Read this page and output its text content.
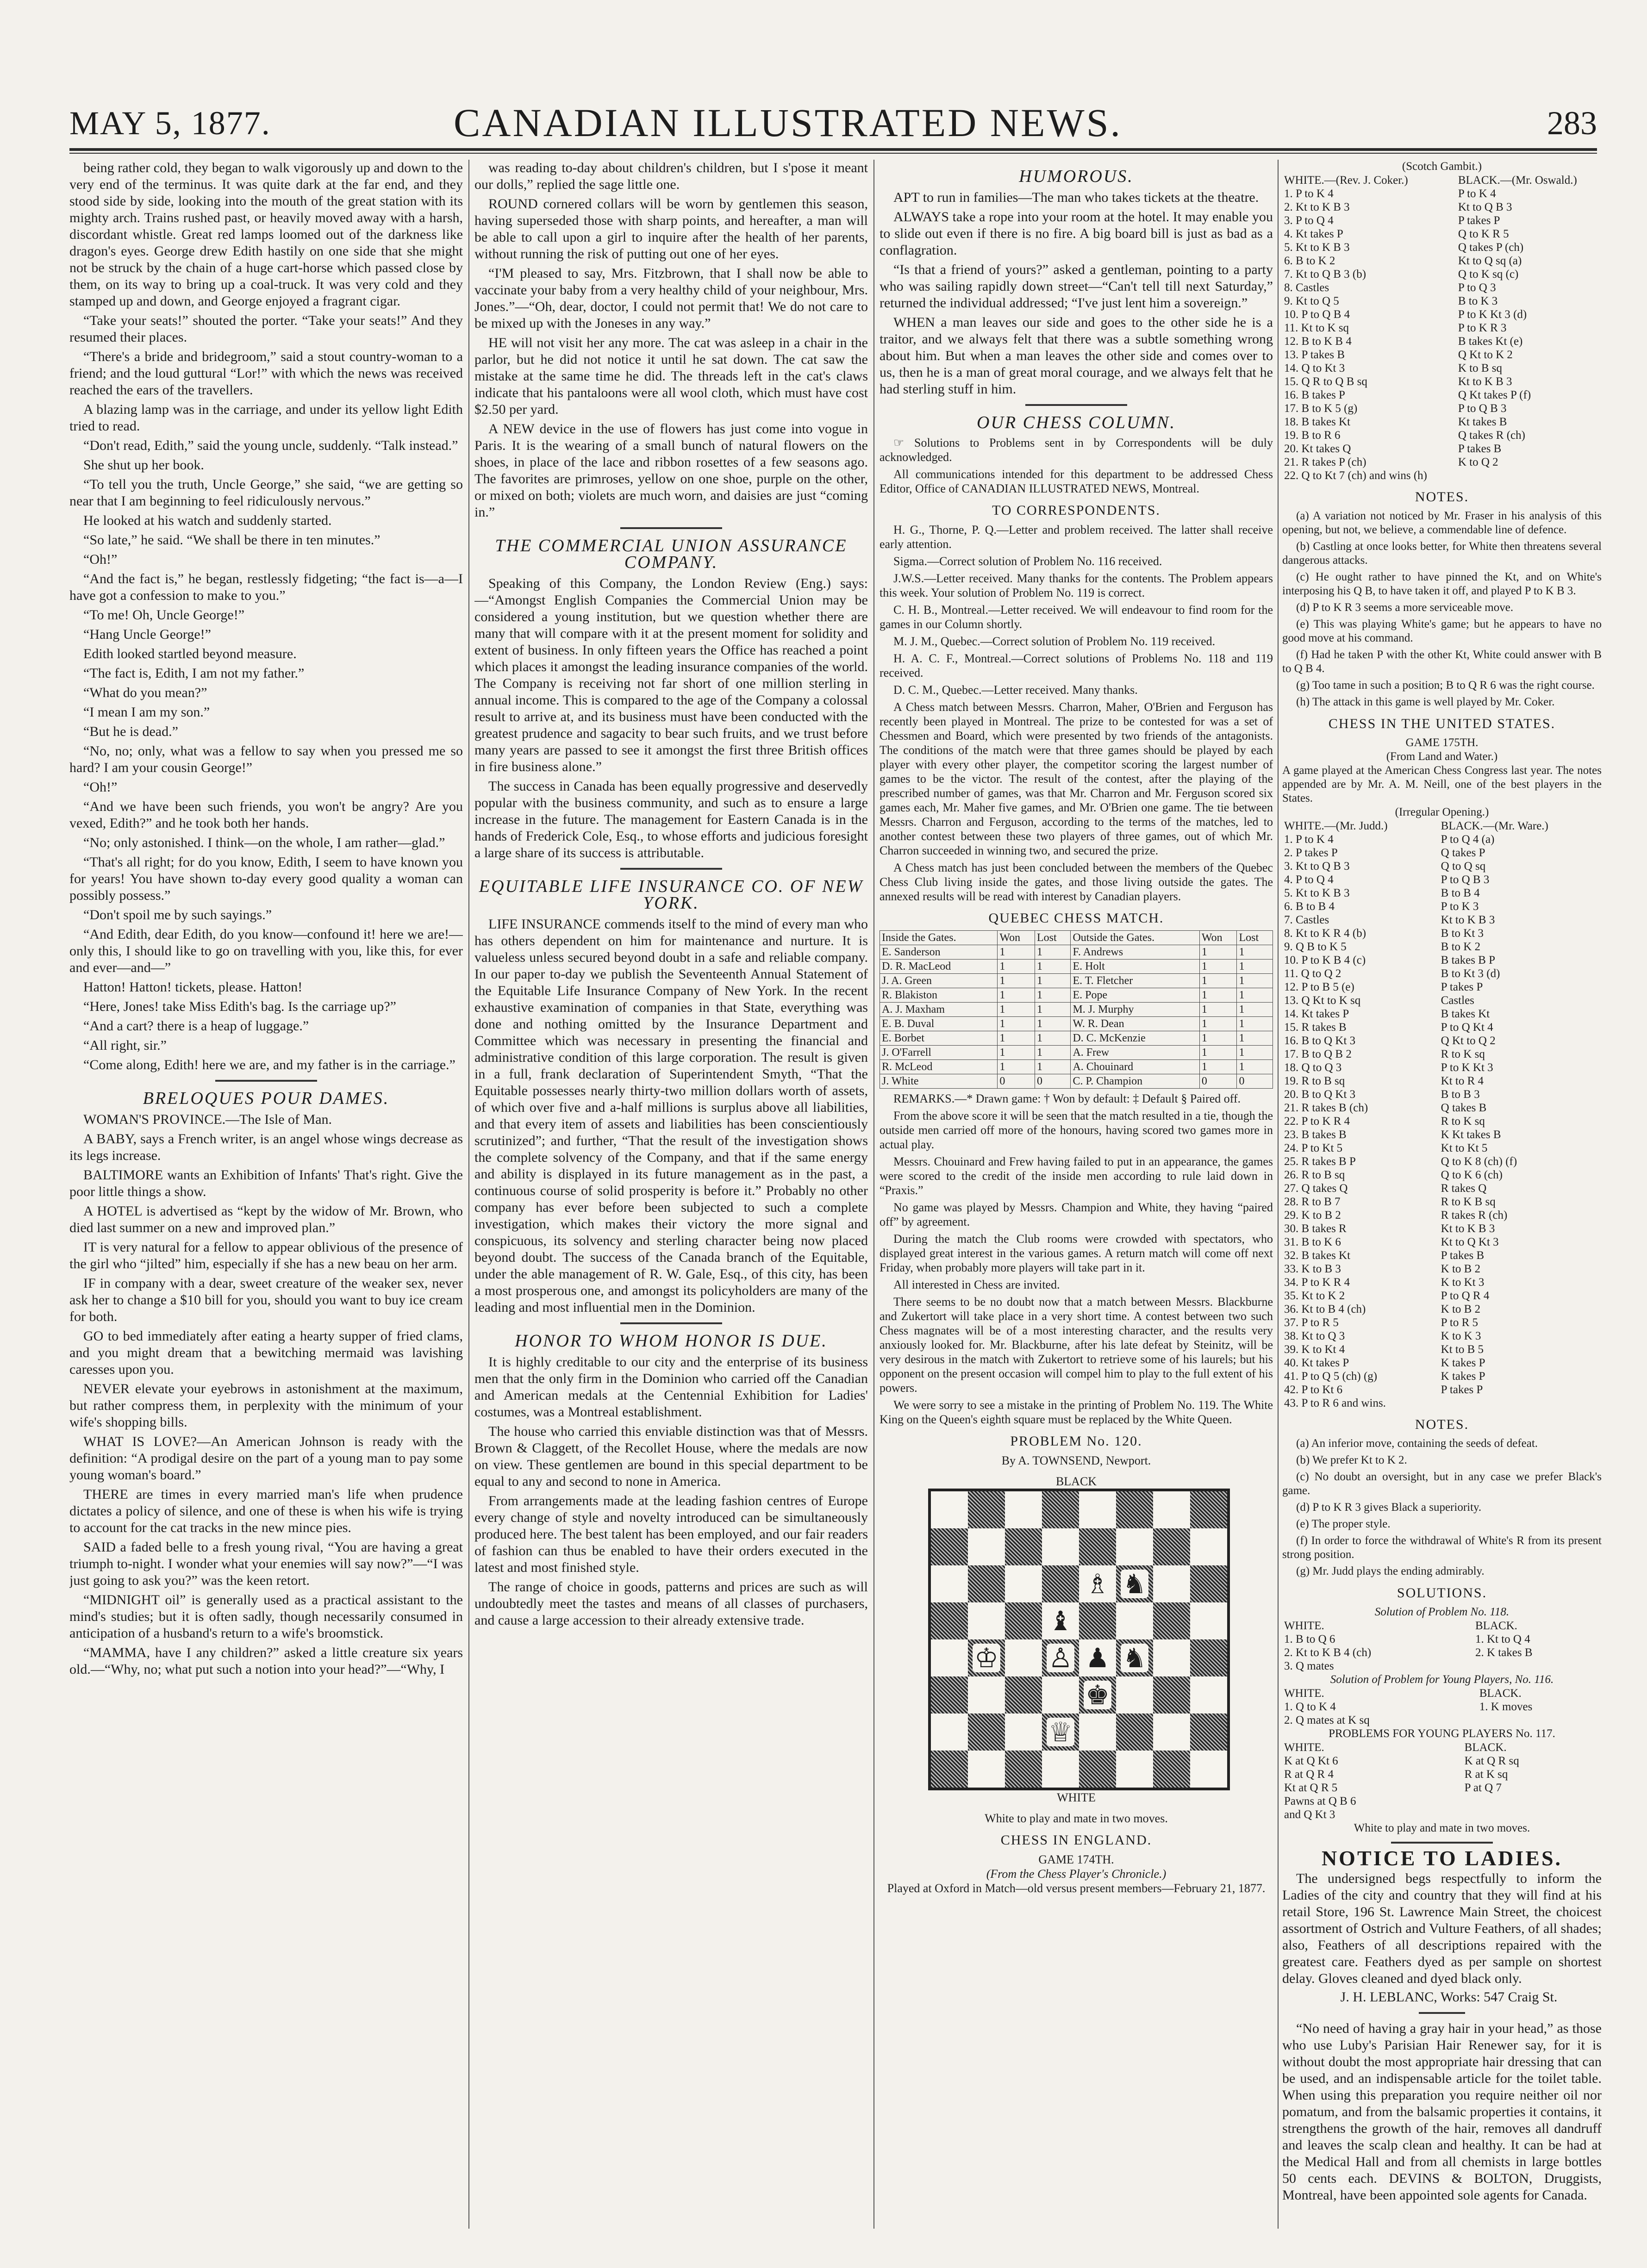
MAY 5, 1877.	CANADIAN ILLUSTRATED NEWS.	283

being rather cold, they began to walk vigorously up and down to the very end of the terminus. It was quite dark at the far end, and they stood side by side, looking into the mouth of the great station with its mighty arch. Trains rushed past, or heavily moved away with a harsh, discordant whistle. Great red lamps loomed out of the darkness like dragon's eyes. George drew Edith hastily on one side that she might not be struck by the chain of a huge cart-horse which passed close by them, on its way to bring up a coal-truck. It was very cold and they stamped up and down, and George enjoyed a fragrant cigar.

“Take your seats!” shouted the porter. “Take your seats!” And they resumed their places.

“There's a bride and bridegroom,” said a stout country-woman to a friend; and the loud guttural “Lor!” with which the news was received reached the ears of the travellers.

A blazing lamp was in the carriage, and under its yellow light Edith tried to read.

“Don't read, Edith,” said the young uncle, suddenly. “Talk instead.”

She shut up her book.

“To tell you the truth, Uncle George,” she said, “we are getting so near that I am beginning to feel ridiculously nervous.”

He looked at his watch and suddenly started.

“So late,” he said. “We shall be there in ten minutes.”

“Oh!”

“And the fact is,” he began, restlessly fidgeting; “the fact is—a—I have got a confession to make to you.”

“To me! Oh, Uncle George!”

“Hang Uncle George!”

Edith looked startled beyond measure.

“The fact is, Edith, I am not my father.”

“What do you mean?”

“I mean I am my son.”

“But he is dead.”

“No, no; only, what was a fellow to say when you pressed me so hard? I am your cousin George!”

“Oh!”

“And we have been such friends, you won't be angry? Are you vexed, Edith?” and he took both her hands.

“No; only astonished. I think—on the whole, I am rather—glad.”

“That's all right; for do you know, Edith, I seem to have known you for years! You have shown to-day every good quality a woman can possibly possess.”

“Don't spoil me by such sayings.”

“And Edith, dear Edith, do you know—confound it! here we are!—only this, I should like to go on travelling with you, like this, for ever and ever—and—”

Hatton! Hatton! tickets, please. Hatton!

“Here, Jones! take Miss Edith's bag. Is the carriage up?”

“And a cart? there is a heap of luggage.”

“All right, sir.”

“Come along, Edith! here we are, and my father is in the carriage.”

BRELOQUES POUR DAMES.

WOMAN'S PROVINCE.—The Isle of Man.

A BABY, says a French writer, is an angel whose wings decrease as its legs increase.

BALTIMORE wants an Exhibition of Infants' That's right. Give the poor little things a show.

A HOTEL is advertised as “kept by the widow of Mr. Brown, who died last summer on a new and improved plan.”

IT is very natural for a fellow to appear oblivious of the presence of the girl who “jilted” him, especially if she has a new beau on her arm.

IF in company with a dear, sweet creature of the weaker sex, never ask her to change a $10 bill for you, should you want to buy ice cream for both.

GO to bed immediately after eating a hearty supper of fried clams, and you might dream that a bewitching mermaid was lavishing caresses upon you.

NEVER elevate your eyebrows in astonishment at the maximum, but rather compress them, in perplexity with the minimum of your wife's shopping bills.

WHAT IS LOVE?—An American Johnson is ready with the definition: “A prodigal desire on the part of a young man to pay some young woman's board.”

THERE are times in every married man's life when prudence dictates a policy of silence, and one of these is when his wife is trying to account for the cat tracks in the new mince pies.

SAID a faded belle to a fresh young rival, “You are having a great triumph to-night. I wonder what your enemies will say now?”—“I was just going to ask you?” was the keen retort.

“MIDNIGHT oil” is generally used as a practical assistant to the mind's studies; but it is often sadly, though necessarily consumed in anticipation of a husband's return to a wife's broomstick.

“MAMMA, have I any children?” asked a little creature six years old.—“Why, no; what put such a notion into your head?”—“Why, I

was reading to-day about children's children, but I s'pose it meant our dolls,” replied the sage little one.

ROUND cornered collars will be worn by gentlemen this season, having superseded those with sharp points, and hereafter, a man will be able to call upon a girl to inquire after the health of her parents, without running the risk of putting out one of her eyes.

“I'M pleased to say, Mrs. Fitzbrown, that I shall now be able to vaccinate your baby from a very healthy child of your neighbour, Mrs. Jones.”—“Oh, dear, doctor, I could not permit that! We do not care to be mixed up with the Joneses in any way.”

HE will not visit her any more. The cat was asleep in a chair in the parlor, but he did not notice it until he sat down. The cat saw the mistake at the same time he did. The threads left in the cat's claws indicate that his pantaloons were all wool cloth, which must have cost $2.50 per yard.

A NEW device in the use of flowers has just come into vogue in Paris. It is the wearing of a small bunch of natural flowers on the shoes, in place of the lace and ribbon rosettes of a few seasons ago. The favorites are primroses, yellow on one shoe, purple on the other, or mixed on both; violets are much worn, and daisies are just “coming in.”

THE COMMERCIAL UNION ASSURANCE COMPANY.

Speaking of this Company, the London Review (Eng.) says:—“Amongst English Companies the Commercial Union may be considered a young institution, but we question whether there are many that will compare with it at the present moment for solidity and extent of business. In only fifteen years the Office has reached a point which places it amongst the leading insurance companies of the world. The Company is receiving not far short of one million sterling in annual income. This is compared to the age of the Company a colossal result to arrive at, and its business must have been conducted with the greatest prudence and sagacity to bear such fruits, and we trust before many years are passed to see it amongst the first three British offices in fire business alone.”

The success in Canada has been equally progressive and deservedly popular with the business community, and such as to ensure a large increase in the future. The management for Eastern Canada is in the hands of Frederick Cole, Esq., to whose efforts and judicious foresight a large share of its success is attributable.

EQUITABLE LIFE INSURANCE CO. OF NEW YORK.

LIFE INSURANCE commends itself to the mind of every man who has others dependent on him for maintenance and nurture. It is valueless unless secured beyond doubt in a safe and reliable company. In our paper to-day we publish the Seventeenth Annual Statement of the Equitable Life Insurance Company of New York. In the recent exhaustive examination of companies in that State, everything was done and nothing omitted by the Insurance Department and Committee which was necessary in presenting the financial and administrative condition of this large corporation. The result is given in a full, frank declaration of Superintendent Smyth, “That the Equitable possesses nearly thirty-two million dollars worth of assets, of which over five and a-half millions is surplus above all liabilities, and that every item of assets and liabilities has been conscientiously scrutinized”; and further, “That the result of the investigation shows the complete solvency of the Company, and that if the same energy and ability is displayed in its future management as in the past, a continuous course of solid prosperity is before it.” Probably no other company has ever before been subjected to such a complete investigation, which makes their victory the more signal and conspicuous, its solvency and sterling character being now placed beyond doubt. The success of the Canada branch of the Equitable, under the able management of R. W. Gale, Esq., of this city, has been a most prosperous one, and amongst its policyholders are many of the leading and most influential men in the Dominion.

HONOR TO WHOM HONOR IS DUE.

It is highly creditable to our city and the enterprise of its business men that the only firm in the Dominion who carried off the Canadian and American medals at the Centennial Exhibition for Ladies' costumes, was a Montreal establishment.

The house who carried this enviable distinction was that of Messrs. Brown & Claggett, of the Recollet House, where the medals are now on view. These gentlemen are bound in this special department to be equal to any and second to none in America.

From arrangements made at the leading fashion centres of Europe every change of style and novelty introduced can be simultaneously produced here. The best talent has been employed, and our fair readers of fashion can thus be enabled to have their orders executed in the latest and most finished style.

The range of choice in goods, patterns and prices are such as will undoubtedly meet the tastes and means of all classes of purchasers, and cause a large accession to their already extensive trade.

HUMOROUS.

APT to run in families—The man who takes tickets at the theatre.

ALWAYS take a rope into your room at the hotel. It may enable you to slide out even if there is no fire. A big board bill is just as bad as a conflagration.

“Is that a friend of yours?” asked a gentleman, pointing to a party who was sailing rapidly down street—“Can't tell till next Saturday,” returned the individual addressed; “I've just lent him a sovereign.”

WHEN a man leaves our side and goes to the other side he is a traitor, and we always felt that there was a subtle something wrong about him. But when a man leaves the other side and comes over to us, then he is a man of great moral courage, and we always felt that he had sterling stuff in him.

OUR CHESS COLUMN.

☞ Solutions to Problems sent in by Correspondents will be duly acknowledged.

All communications intended for this department to be addressed Chess Editor, Office of CANADIAN ILLUSTRATED NEWS, Montreal.

TO CORRESPONDENTS.

H. G., Thorne, P. Q.—Letter and problem received. The latter shall receive early attention.

Sigma.—Correct solution of Problem No. 116 received.

J.W.S.—Letter received. Many thanks for the contents. The Problem appears this week. Your solution of Problem No. 119 is correct.

C. H. B., Montreal.—Letter received. We will endeavour to find room for the games in our Column shortly.

M. J. M., Quebec.—Correct solution of Problem No. 119 received.

H. A. C. F., Montreal.—Correct solutions of Problems No. 118 and 119 received.

D. C. M., Quebec.—Letter received. Many thanks.

A Chess match between Messrs. Charron, Maher, O'Brien and Ferguson has recently been played in Montreal. The prize to be contested for was a set of Chessmen and Board, which were presented by two friends of the antagonists. The conditions of the match were that three games should be played by each player with every other player, the competitor scoring the largest number of games to be the victor. The result of the contest, after the playing of the prescribed number of games, was that Mr. Charron and Mr. Ferguson scored six games each, Mr. Maher five games, and Mr. O'Brien one game. The tie between Messrs. Charron and Ferguson, according to the terms of the matches, led to another contest between these two players of three games, out of which Mr. Charron succeeded in winning two, and secured the prize.

A Chess match has just been concluded between the members of the Quebec Chess Club living inside the gates, and those living outside the gates. The annexed results will be read with interest by Canadian players.

QUEBEC CHESS MATCH.
Inside the Gates.	Won	Lost	Outside the Gates.	Won	Lost
E. Sanderson	1	1	F. Andrews	1	1
D. R. MacLeod	1	1	E. Holt	1	1
J. A. Green	1	1	E. T. Fletcher	1	1
R. Blakiston	1	1	E. Pope	1	1
A. J. Maxham	1	1	M. J. Murphy	1	1
E. B. Duval	1	1	W. R. Dean	1	1
E. Borbet	1	1	D. C. McKenzie	1	1
J. O'Farrell	1	1	A. Frew	1	1
R. McLeod	1	1	A. Chouinard	1	1
J. White	0	0	C. P. Champion	0	0

REMARKS.—* Drawn game: † Won by default: ‡ Default § Paired off.

From the above score it will be seen that the match resulted in a tie, though the outside men carried off more of the honours, having scored two games more in actual play.

Messrs. Chouinard and Frew having failed to put in an appearance, the games were scored to the credit of the inside men according to rule laid down in “Praxis.”

No game was played by Messrs. Champion and White, they having “paired off” by agreement.

During the match the Club rooms were crowded with spectators, who displayed great interest in the various games. A return match will come off next Friday, when probably more players will take part in it.

All interested in Chess are invited.

There seems to be no doubt now that a match between Messrs. Blackburne and Zukertort will take place in a very short time. A contest between two such Chess magnates will be of a most interesting character, and the results very anxiously looked for. Mr. Blackburne, after his late defeat by Steinitz, will be very desirous in the match with Zukertort to retrieve some of his laurels; but his opponent on the present occasion will compel him to play to the full extent of his powers.

We were sorry to see a mistake in the printing of Problem No. 119. The White King on the Queen's eighth square must be replaced by the White Queen.

PROBLEM No. 120.
By A. TOWNSEND, Newport.
BLACK
♗ ♞
♝
♔ ♙ ♟ ♞
♚
♕
WHITE
White to play and mate in two moves.
CHESS IN ENGLAND.
GAME 174TH.
(From the Chess Player's Chronicle.)
Played at Oxford in Match—old versus present members—February 21, 1877.
(Scotch Gambit.)
WHITE.—(Rev. J. Coker.)	BLACK.—(Mr. Oswald.)
1. P to K 4	P to K 4
2. Kt to K B 3	Kt to Q B 3
3. P to Q 4	P takes P
4. Kt takes P	Q to K R 5
5. Kt to K B 3	Q takes P (ch)
6. B to K 2	Kt to Q sq (a)
7. Kt to Q B 3 (b)	Q to K sq (c)
8. Castles	P to Q 3
9. Kt to Q 5	B to K 3
10. P to Q B 4	P to K Kt 3 (d)
11. Kt to K sq	P to K R 3
12. B to K B 4	B takes Kt (e)
13. P takes B	Q Kt to K 2
14. Q to Kt 3	K to B sq
15. Q R to Q B sq	Kt to K B 3
16. B takes P	Q Kt takes P (f)
17. B to K 5 (g)	P to Q B 3
18. B takes Kt	Kt takes B
19. B to R 6	Q takes R (ch)
20. Kt takes Q	P takes B
21. R takes P (ch)	K to Q 2
22. Q to Kt 7 (ch) and wins (h)	
NOTES.

(a) A variation not noticed by Mr. Fraser in his analysis of this opening, but not, we believe, a commendable line of defence.

(b) Castling at once looks better, for White then threatens several dangerous attacks.

(c) He ought rather to have pinned the Kt, and on White's interposing his Q B, to have taken it off, and played P to K B 3.

(d) P to K R 3 seems a more serviceable move.

(e) This was playing White's game; but he appears to have no good move at his command.

(f) Had he taken P with the other Kt, White could answer with B to Q B 4.

(g) Too tame in such a position; B to Q R 6 was the right course.

(h) The attack in this game is well played by Mr. Coker.

CHESS IN THE UNITED STATES.
GAME 175TH.
(From Land and Water.)
A game played at the American Chess Congress last year. The notes appended are by Mr. A. M. Neill, one of the best players in the States.
(Irregular Opening.)
WHITE.—(Mr. Judd.)	BLACK.—(Mr. Ware.)
1. P to K 4	P to Q 4 (a)
2. P takes P	Q takes P
3. Kt to Q B 3	Q to Q sq
4. P to Q 4	P to Q B 3
5. Kt to K B 3	B to B 4
6. B to B 4	P to K 3
7. Castles	Kt to K B 3
8. Kt to K R 4 (b)	B to Kt 3
9. Q B to K 5	B to K 2
10. P to K B 4 (c)	B takes B P
11. Q to Q 2	B to Kt 3 (d)
12. P to B 5 (e)	P takes P
13. Q Kt to K sq	Castles
14. Kt takes P	B takes Kt
15. R takes B	P to Q Kt 4
16. B to Q Kt 3	Q Kt to Q 2
17. B to Q B 2	R to K sq
18. Q to Q 3	P to K Kt 3
19. R to B sq	Kt to R 4
20. B to Q Kt 3	B to B 3
21. R takes B (ch)	Q takes B
22. P to K R 4	R to K sq
23. B takes B	K Kt takes B
24. P to Kt 5	Kt to Kt 5
25. R takes B P	Q to K 8 (ch) (f)
26. R to B sq	Q to K 6 (ch)
27. Q takes Q	R takes Q
28. R to B 7	R to K B sq
29. K to B 2	R takes R (ch)
30. B takes R	Kt to K B 3
31. B to K 6	Kt to Q Kt 3
32. B takes Kt	P takes B
33. K to B 3	K to B 2
34. P to K R 4	K to Kt 3
35. Kt to K 2	P to Q R 4
36. Kt to B 4 (ch)	K to B 2
37. P to R 5	P to R 5
38. Kt to Q 3	K to K 3
39. K to Kt 4	Kt to B 5
40. Kt takes P	K takes P
41. P to Q 5 (ch) (g)	K takes P
42. P to Kt 6	P takes P
43. P to R 6 and wins.	
NOTES.

(a) An inferior move, containing the seeds of defeat.

(b) We prefer Kt to K 2.

(c) No doubt an oversight, but in any case we prefer Black's game.

(d) P to K R 3 gives Black a superiority.

(e) The proper style.

(f) In order to force the withdrawal of White's R from its present strong position.

(g) Mr. Judd plays the ending admirably.

SOLUTIONS.
Solution of Problem No. 118.
WHITE.	BLACK.
1. B to Q 6	1. Kt to Q 4
2. Kt to K B 4 (ch)	2. K takes B
3. Q mates	
Solution of Problem for Young Players, No. 116.
WHITE.	BLACK.
1. Q to K 4	1. K moves
2. Q mates at K sq	
PROBLEMS FOR YOUNG PLAYERS No. 117.
WHITE.	BLACK.
K at Q Kt 6	K at Q R sq
R at Q R 4	R at K sq
Kt at Q R 5	P at Q 7
Pawns at Q B 6	
and Q Kt 3	
White to play and mate in two moves.
NOTICE TO LADIES.

The undersigned begs respectfully to inform the Ladies of the city and country that they will find at his retail Store, 196 St. Lawrence Main Street, the choicest assortment of Ostrich and Vulture Feathers, of all shades; also, Feathers of all descriptions repaired with the greatest care. Feathers dyed as per sample on shortest delay. Gloves cleaned and dyed black only.

J. H. LEBLANC, Works: 547 Craig St.

“No need of having a gray hair in your head,” as those who use Luby's Parisian Hair Renewer say, for it is without doubt the most appropriate hair dressing that can be used, and an indispensable article for the toilet table. When using this preparation you require neither oil nor pomatum, and from the balsamic properties it contains, it strengthens the growth of the hair, removes all dandruff and leaves the scalp clean and healthy. It can be had at the Medical Hall and from all chemists in large bottles 50 cents each. DEVINS & BOLTON, Druggists, Montreal, have been appointed sole agents for Canada.
